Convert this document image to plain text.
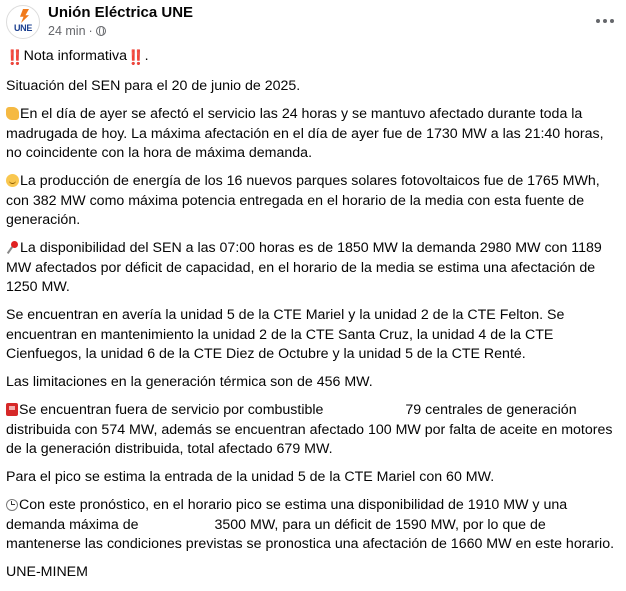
UNE
Unión Eléctrica UNE
24 min ·

‼️Nota informativa‼️.

Situación del SEN para el 20 de junio de 2025.

En el día de ayer se afectó el servicio las 24 horas y se mantuvo afectado durante toda la madrugada de hoy. La máxima afectación en el día de ayer fue de 1730 MW a las 21:40 horas, no coincidente con la hora de máxima demanda.

La producción de energía de los 16 nuevos parques solares fotovoltaicos fue de 1765 MWh, con 382 MW como máxima potencia entregada en el horario de la media con esta fuente de generación.

La disponibilidad del SEN a las 07:00 horas es de 1850 MW la demanda 2980 MW con 1189 MW afectados por déficit de capacidad, en el horario de la media se estima una afectación de 1250 MW.

Se encuentran en avería la unidad 5 de la CTE Mariel y la unidad 2 de la CTE Felton. Se encuentran en mantenimiento la unidad 2 de la CTE Santa Cruz, la unidad 4 de la CTE Cienfuegos, la unidad 6 de la CTE Diez de Octubre y la unidad 5 de la CTE Renté.

Las limitaciones en la generación térmica son de 456 MW.

Se encuentran fuera de servicio por combustible	79 centrales de generación distribuida con 574 MW, además se encuentran afectado 100 MW por falta de aceite en motores de la generación distribuida, total afectado 679 MW.

Para el pico se estima la entrada de la unidad 5 de la CTE Mariel con 60 MW.

Con este pronóstico, en el horario pico se estima una disponibilidad de 1910 MW y una demanda máxima de	3500 MW, para un déficit de 1590 MW, por lo que de mantenerse las condiciones previstas se pronostica una afectación de 1660 MW en este horario.

UNE-MINEM
